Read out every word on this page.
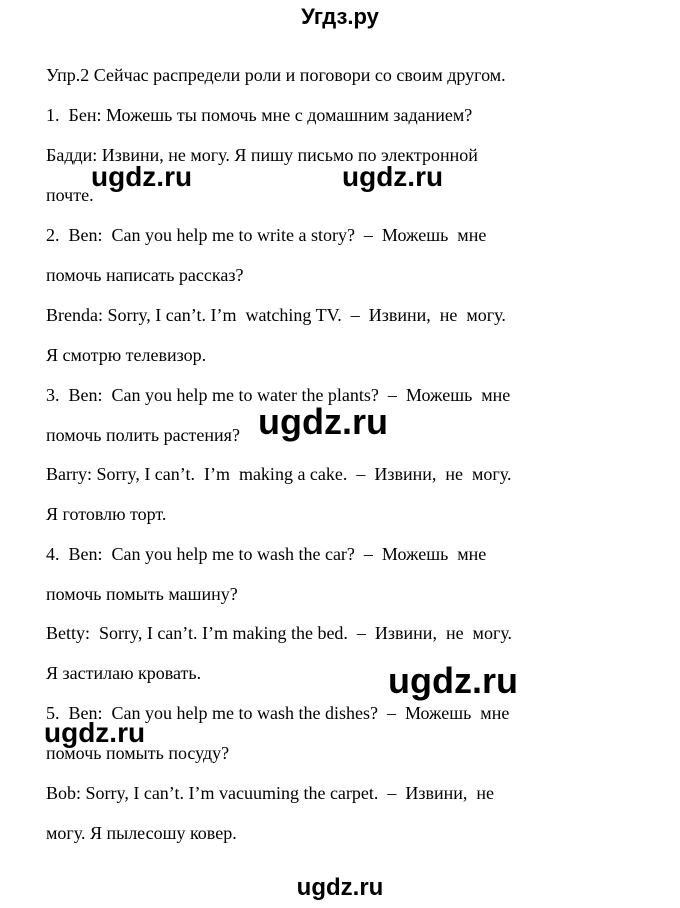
Угдз.ру
Упр.2 Сейчас распредели роли и поговори со своим другом.
1.  Бен: Можешь ты помочь мне с домашним заданием?
Бадди: Извини, не могу. Я пишу письмо по электронной
почте.
2.  Ben:  Can you help me to write a story?  –  Можешь  мне
помочь написать рассказ?
Brenda: Sorry, I can’t. I’m  watching TV.  –  Извини,  не  могу.
Я смотрю телевизор.
3.  Ben:  Can you help me to water the plants?  –  Можешь  мне
помочь полить растения?
Barry: Sorry, I can’t.  I’m  making a cake.  –  Извини,  не  могу.
Я готовлю торт.
4.  Ben:  Can you help me to wash the car?  –  Можешь  мне
помочь помыть машину?
Betty:  Sorry, I can’t. I’m making the bed.  –  Извини,  не  могу.
Я застилаю кровать.
5.  Ben:  Can you help me to wash the dishes?  –  Можешь  мне
помочь помыть посуду?
Bob: Sorry, I can’t. I’m vacuuming the carpet.  –  Извини,  не
могу. Я пылесошу ковер.
ugdz.ru	ugdz.ru
ugdz.ru
ugdz.ru
ugdz.ru
ugdz.ru
